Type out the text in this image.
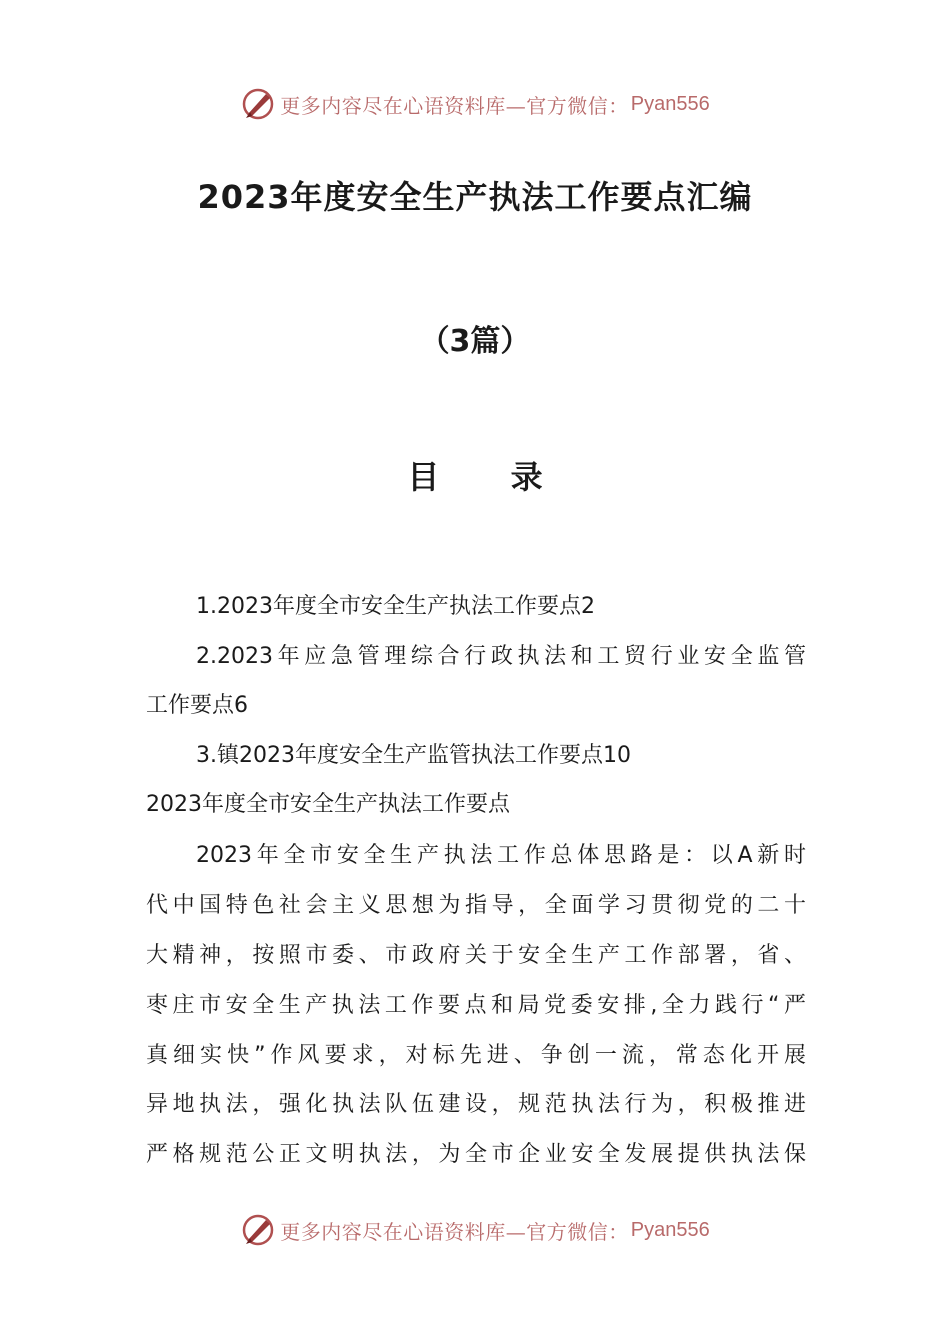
更多内容尽在心语资料库—官方微信： Pyan556
2023年度安全生产执法工作要点汇编
（3篇）
目 录
1.2023年度全市安全生产执法工作要点2
2.2023年应急管理综合行政执法和工贸行业安全监管
工作要点6
3.镇2023年度安全生产监管执法工作要点10
2023年度全市安全生产执法工作要点
2023年全市安全生产执法工作总体思路是：以A新时
代中国特色社会主义思想为指导，全面学习贯彻党的二十
大精神，按照市委、市政府关于安全生产工作部署，省、
枣庄市安全生产执法工作要点和局党委安排,全力践行“严
真细实快”作风要求，对标先进、争创一流，常态化开展
异地执法，强化执法队伍建设，规范执法行为，积极推进
严格规范公正文明执法，为全市企业安全发展提供执法保
更多内容尽在心语资料库—官方微信： Pyan556
